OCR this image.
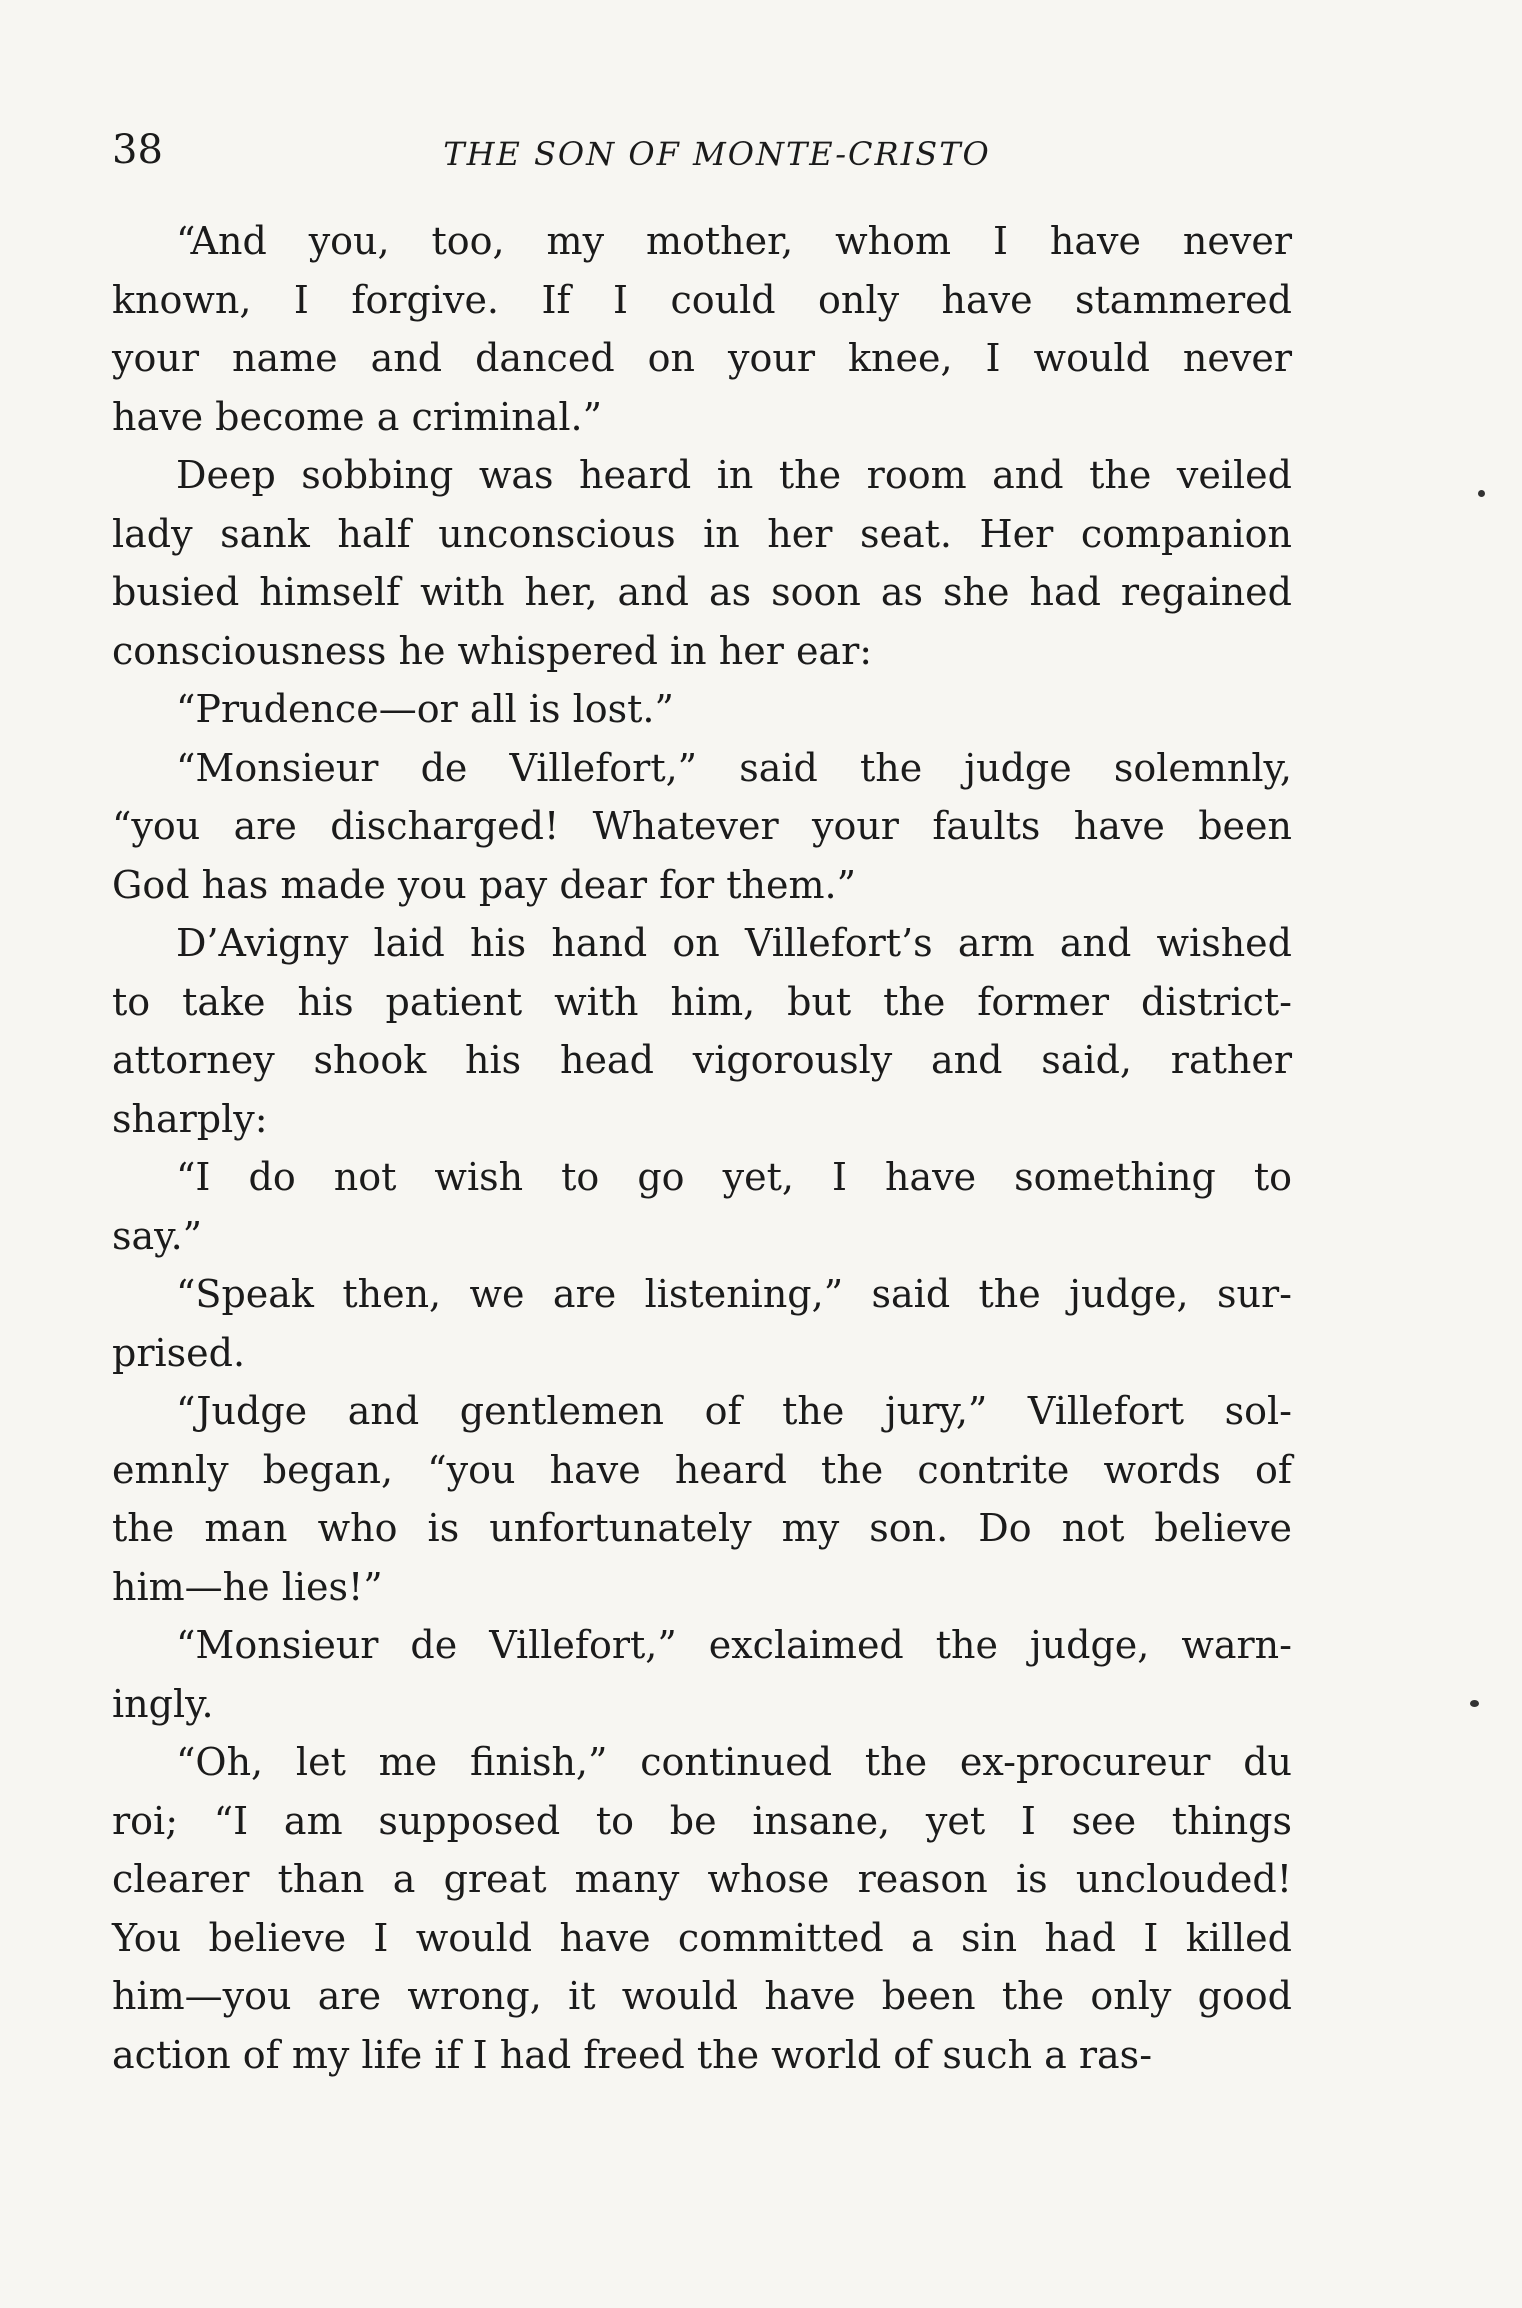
38	THE SON OF MONTE-CRISTO
“And you, too, my mother, whom I have never
known, I forgive. If I could only have stammered
your name and danced on your knee, I would never
have become a criminal.”
Deep sobbing was heard in the room and the veiled
lady sank half unconscious in her seat. Her companion
busied himself with her, and as soon as she had regained
consciousness he whispered in her ear:
“Prudence—or all is lost.”
“Monsieur de Villefort,” said the judge solemnly,
“you are discharged! Whatever your faults have been
God has made you pay dear for them.”
D’Avigny laid his hand on Villefort’s arm and wished
to take his patient with him, but the former district-
attorney shook his head vigorously and said, rather
sharply:
“I do not wish to go yet, I have something to
say.”
“Speak then, we are listening,” said the judge, sur-
prised.
“Judge and gentlemen of the jury,” Villefort sol-
emnly began, “you have heard the contrite words of
the man who is unfortunately my son. Do not believe
him—he lies!”
“Monsieur de Villefort,” exclaimed the judge, warn-
ingly.
“Oh, let me finish,” continued the ex-procureur du
roi; “I am supposed to be insane, yet I see things
clearer than a great many whose reason is unclouded!
You believe I would have committed a sin had I killed
him—you are wrong, it would have been the only good
action of my life if I had freed the world of such a ras-
